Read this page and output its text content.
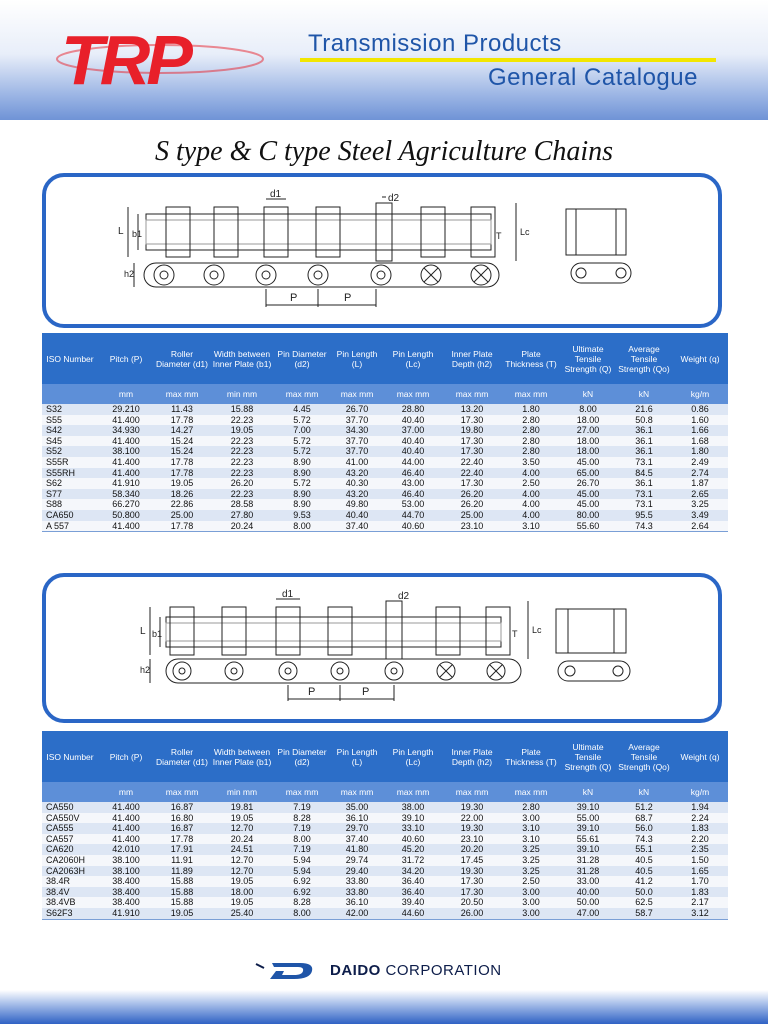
TRP	Transmission Products
General Catalogue
S type & C type Steel Agriculture Chains
d1	d2
L b1	T Lc
h2
P	P
ISO Number	Pitch (P)	Roller Diameter (d1)	Width between Inner Plate (b1)	Pin Diameter (d2)	Pin Length (L)	Pin Length (Lc)	Inner Plate Depth (h2)	Plate Thickness (T)	Ultimate Tensile Strength (Q)	Average Tensile Strength (Qo)	Weight (q)
	mm	max mm	min mm	max mm	max mm	max mm	max mm	max mm	kN	kN	kg/m
S32	29.210	11.43	15.88	4.45	26.70	28.80	13.20	1.80	8.00	21.6	0.86
S55	41.400	17.78	22.23	5.72	37.70	40.40	17.30	2.80	18.00	50.8	1.60
S42	34.930	14.27	19.05	7.00	34.30	37.00	19.80	2.80	27.00	36.1	1.66
S45	41.400	15.24	22.23	5.72	37.70	40.40	17.30	2.80	18.00	36.1	1.68
S52	38.100	15.24	22.23	5.72	37.70	40.40	17.30	2.80	18.00	36.1	1.80
S55R	41.400	17.78	22.23	8.90	41.00	44.00	22.40	3.50	45.00	73.1	2.49
S55RH	41.400	17.78	22.23	8.90	43.20	46.40	22.40	4.00	65.00	84.5	2.74
S62	41.910	19.05	26.20	5.72	40.30	43.00	17.30	2.50	26.70	36.1	1.87
S77	58.340	18.26	22.23	8.90	43.20	46.40	26.20	4.00	45.00	73.1	2.65
S88	66.270	22.86	28.58	8.90	49.80	53.00	26.20	4.00	45.00	73.1	3.25
CA650	50.800	25.00	27.80	9.53	40.40	44.70	25.00	4.00	80.00	95.5	3.49
A 557	41.400	17.78	20.24	8.00	37.40	40.60	23.10	3.10	55.60	74.3	2.64
d1	d2
L b1	T Lc
h2
P	P
ISO Number	Pitch (P)	Roller Diameter (d1)	Width between Inner Plate (b1)	Pin Diameter (d2)	Pin Length (L)	Pin Length (Lc)	Inner Plate Depth (h2)	Plate Thickness (T)	Ultimate Tensile Strength (Q)	Average Tensile Strength (Qo)	Weight (q)
	mm	max mm	min mm	max mm	max mm	max mm	max mm	max mm	kN	kN	kg/m
CA550	41.400	16.87	19.81	7.19	35.00	38.00	19.30	2.80	39.10	51.2	1.94
CA550V	41.400	16.80	19.05	8.28	36.10	39.10	22.00	3.00	55.00	68.7	2.24
CA555	41.400	16.87	12.70	7.19	29.70	33.10	19.30	3.10	39.10	56.0	1.83
CA557	41.400	17.78	20.24	8.00	37.40	40.60	23.10	3.10	55.61	74.3	2.20
CA620	42.010	17.91	24.51	7.19	41.80	45.20	20.20	3.25	39.10	55.1	2.35
CA2060H	38.100	11.91	12.70	5.94	29.74	31.72	17.45	3.25	31.28	40.5	1.50
CA2063H	38.100	11.89	12.70	5.94	29.40	34.20	19.30	3.25	31.28	40.5	1.65
38.4R	38.400	15.88	19.05	6.92	33.80	36.40	17.30	2.50	33.00	41.2	1.70
38.4V	38.400	15.88	18.00	6.92	33.80	36.40	17.30	3.00	40.00	50.0	1.83
38.4VB	38.400	15.88	19.05	8.28	36.10	39.40	20.50	3.00	50.00	62.5	2.17
S62F3	41.910	19.05	25.40	8.00	42.00	44.60	26.00	3.00	47.00	58.7	3.12
DAIDO CORPORATION
